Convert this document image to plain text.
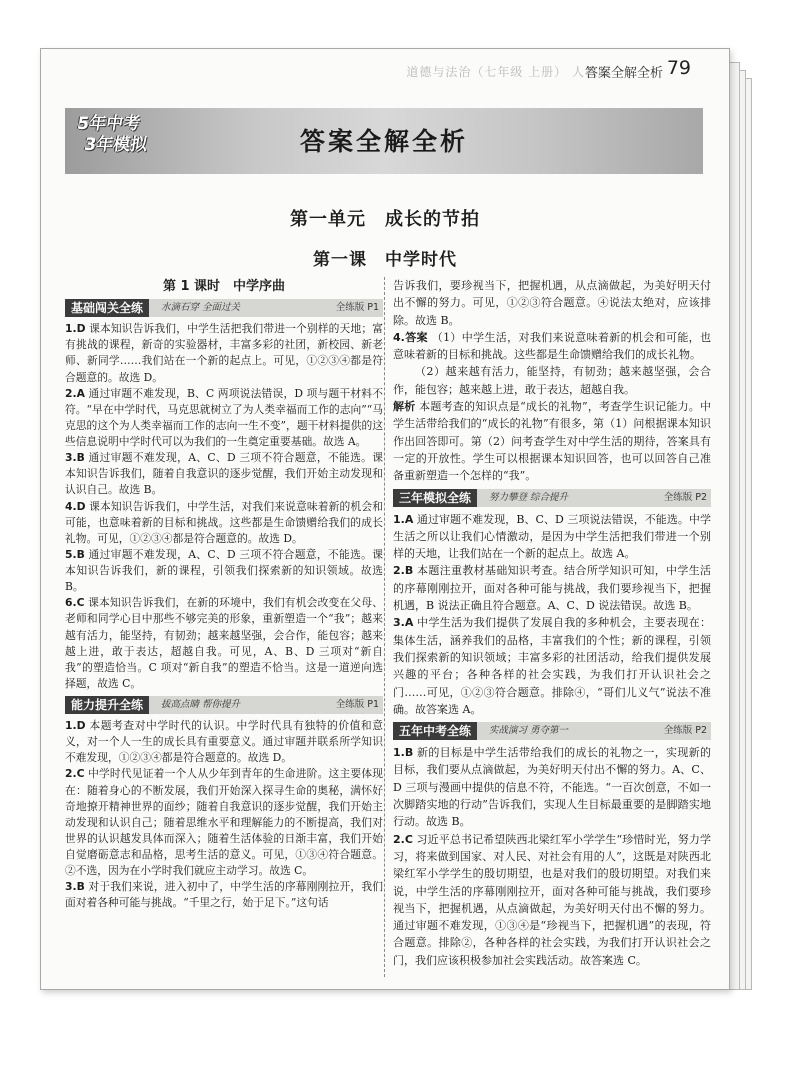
道德与法治（七年级 上册） 人教版
答案全解全析 79
5年中考
3年模拟	答案全解全析
第一单元　成长的节拍
第一课　中学时代
第 1 课时　中学序曲
基础闯关全练	水滴石穿 全面过关	全练版 P1

1.D 课本知识告诉我们，中学生活把我们带进一个别样的天地；富有挑战的课程，新奇的实验器材，丰富多彩的社团，新校园、新老师、新同学……我们站在一个新的起点上。可见，①②③④都是符合题意的。故选 D。

2.A 通过审题不难发现，B、C 两项说法错误，D 项与题干材料不符。“早在中学时代，马克思就树立了为人类幸福而工作的志向”“马克思的这个为人类幸福而工作的志向一生不变”，题干材料提供的这些信息说明中学时代可以为我们的一生奠定重要基础。故选 A。

3.B 通过审题不难发现，A、C、D 三项不符合题意，不能选。课本知识告诉我们，随着自我意识的逐步觉醒，我们开始主动发现和认识自己。故选 B。

4.D 课本知识告诉我们，中学生活，对我们来说意味着新的机会和可能，也意味着新的目标和挑战。这些都是生命馈赠给我们的成长礼物。可见，①②③④都是符合题意的。故选 D。

5.B 通过审题不难发现，A、C、D 三项不符合题意，不能选。课本知识告诉我们，新的课程，引领我们探索新的知识领域。故选 B。

6.C 课本知识告诉我们，在新的环境中，我们有机会改变在父母、老师和同学心目中那些不够完美的形象，重新塑造一个“我”；越来越有活力，能坚持，有韧劲；越来越坚强，会合作，能包容；越来越上进，敢于表达，超越自我。可见，A、B、D 三项对“新自我”的塑造恰当。C 项对“新自我”的塑造不恰当。这是一道逆向选择题，故选 C。

能力提升全练	拔高点睛 帮你提升	全练版 P1

1.D 本题考查对中学时代的认识。中学时代具有独特的价值和意义，对一个人一生的成长具有重要意义。通过审题并联系所学知识不难发现，①②③④都是符合题意的。故选 D。

2.C 中学时代见证着一个人从少年到青年的生命进阶。这主要体现在：随着身心的不断发展，我们开始深入探寻生命的奥秘，满怀好奇地撩开精神世界的面纱；随着自我意识的逐步觉醒，我们开始主动发现和认识自己；随着思维水平和理解能力的不断提高，我们对世界的认识越发具体而深入；随着生活体验的日渐丰富，我们开始自觉磨砺意志和品格，思考生活的意义。可见，①③④符合题意。②不选，因为在小学时我们就应主动学习。故选 C。

3.B 对于我们来说，进入初中了，中学生活的序幕刚刚拉开，我们面对着各种可能与挑战。“千里之行，始于足下。”这句话

告诉我们，要珍视当下，把握机遇，从点滴做起，为美好明天付出不懈的努力。可见，①②③符合题意。④说法太绝对，应该排除。故选 B。

4.答案 （1）中学生活，对我们来说意味着新的机会和可能，也意味着新的目标和挑战。这些都是生命馈赠给我们的成长礼物。

（2）越来越有活力，能坚持，有韧劲；越来越坚强，会合作，能包容；越来越上进，敢于表达，超越自我。

解析 本题考查的知识点是“成长的礼物”，考查学生识记能力。中学生活带给我们的“成长的礼物”有很多，第（1）问根据课本知识作出回答即可。第（2）问考查学生对中学生活的期待，答案具有一定的开放性。学生可以根据课本知识回答，也可以回答自己准备重新塑造一个怎样的“我”。

三年模拟全练	努力攀登 综合提升	全练版 P2

1.A 通过审题不难发现，B、C、D 三项说法错误，不能选。中学生活之所以让我们心情激动，是因为中学生活把我们带进一个别样的天地，让我们站在一个新的起点上。故选 A。

2.B 本题注重教材基础知识考查。结合所学知识可知，中学生活的序幕刚刚拉开，面对各种可能与挑战，我们要珍视当下，把握机遇，B 说法正确且符合题意。A、C、D 说法错误。故选 B。

3.A 中学生活为我们提供了发展自我的多种机会，主要表现在：集体生活，涵养我们的品格，丰富我们的个性；新的课程，引领我们探索新的知识领域；丰富多彩的社团活动，给我们提供发展兴趣的平台；各种各样的社会实践，为我们打开认识社会之门……可见，①②③符合题意。排除④，“哥们儿义气”说法不准确。故答案选 A。

五年中考全练	实战演习 勇夺第一	全练版 P2

1.B 新的目标是中学生活带给我们的成长的礼物之一，实现新的目标，我们要从点滴做起，为美好明天付出不懈的努力。A、C、D 三项与漫画中提供的信息不符，不能选。“一百次创意，不如一次脚踏实地的行动”告诉我们，实现人生目标最重要的是脚踏实地行动。故选 B。

2.C 习近平总书记希望陕西北梁红军小学学生“珍惜时光，努力学习，将来做到国家、对人民、对社会有用的人”，这既是对陕西北梁红军小学学生的殷切期望，也是对我们的殷切期望。对我们来说，中学生活的序幕刚刚拉开，面对各种可能与挑战，我们要珍视当下，把握机遇，从点滴做起，为美好明天付出不懈的努力。通过审题不难发现，①③④是“珍视当下，把握机遇”的表现，符合题意。排除②，各种各样的社会实践，为我们打开认识社会之门，我们应该积极参加社会实践活动。故答案选 C。
